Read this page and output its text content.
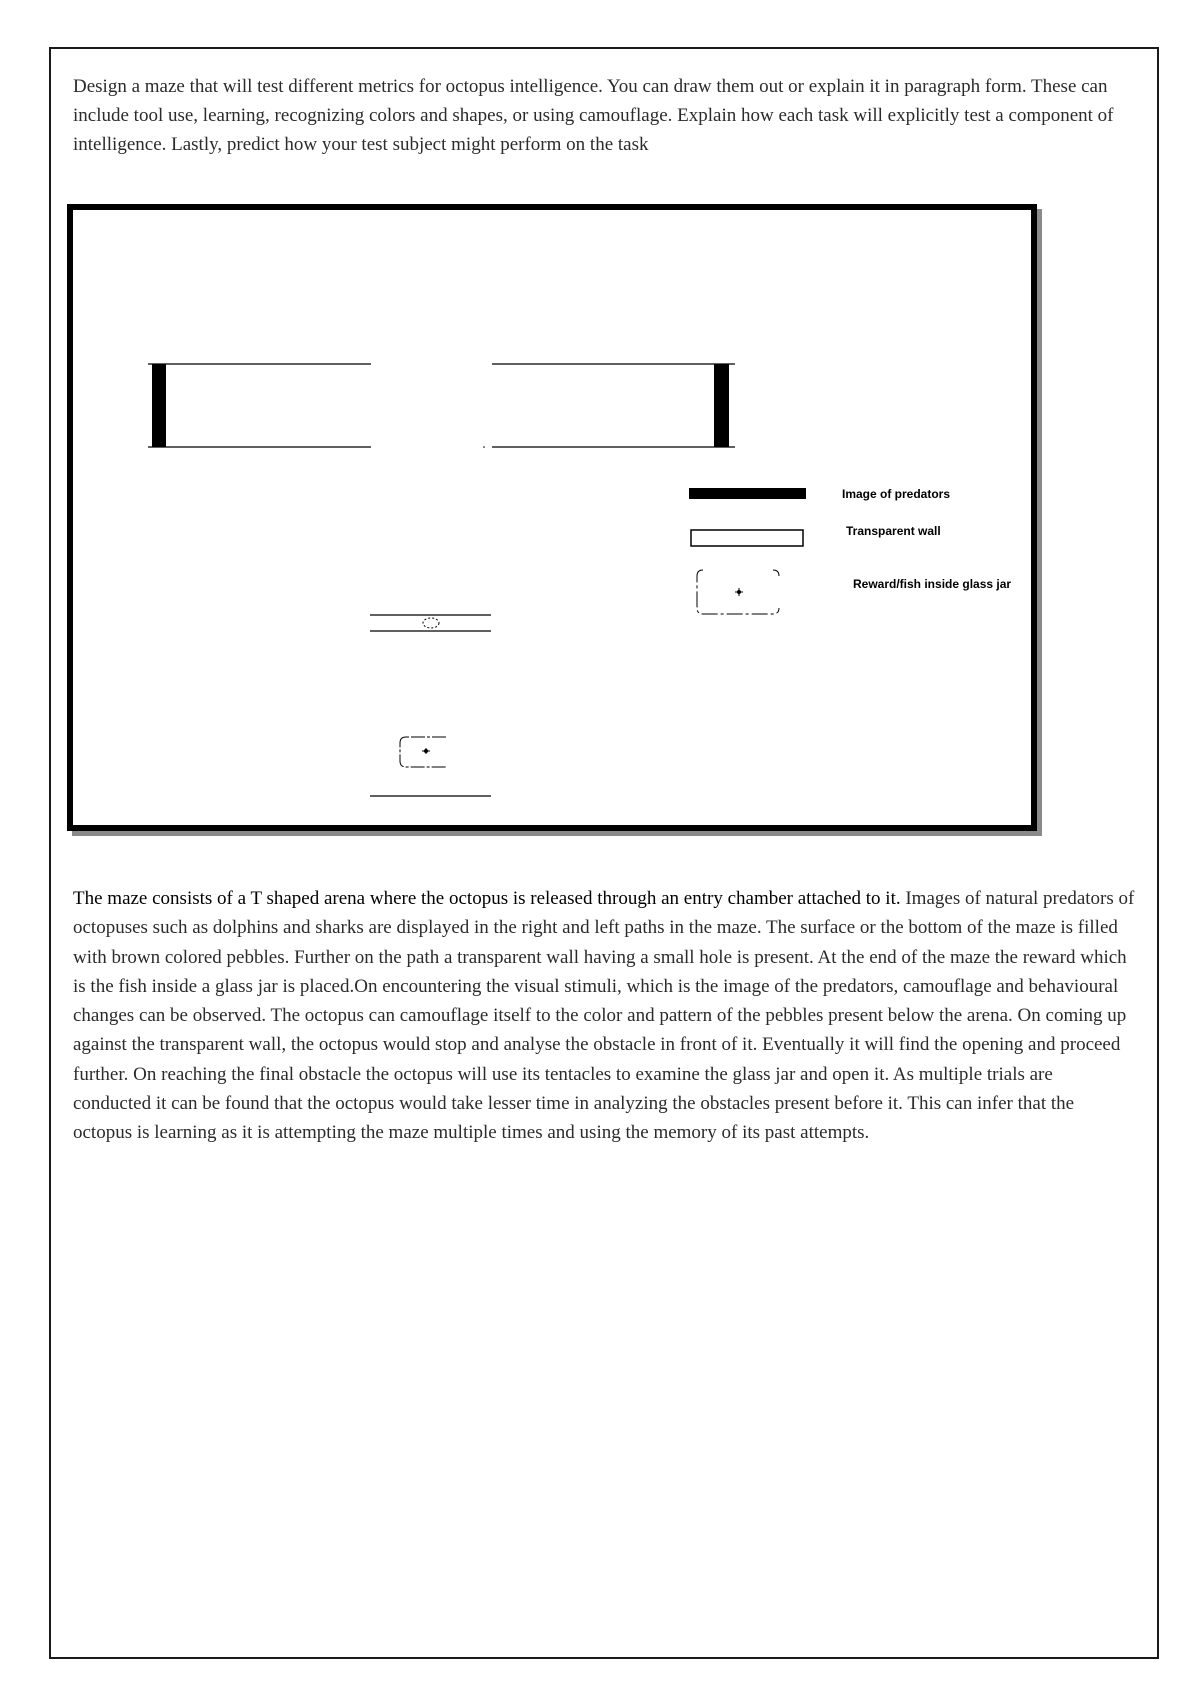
Design a maze that will test different metrics for octopus intelligence. You can draw them out or explain it in paragraph form. These can include tool use, learning, recognizing colors and shapes, or using camouflage. Explain how each task will explicitly test a component of intelligence. Lastly, predict how your test subject might perform on the task

Image of predators
Transparent wall
Reward/fish inside glass jar

The maze consists of a T shaped arena where the octopus is released through an entry chamber attached to it. Images of natural predators of octopuses such as dolphins and sharks are displayed in the right and left paths in the maze. The surface or the bottom of the maze is filled with brown colored pebbles. Further on the path a transparent wall having a small hole is present. At the end of the maze the reward which is the fish inside a glass jar is placed.On encountering the visual stimuli, which is the image of the predators, camouflage and behavioural changes can be observed. The octopus can camouflage itself to the color and pattern of the pebbles present below the arena. On coming up against the transparent wall, the octopus would stop and analyse the obstacle in front of it. Eventually it will find the opening and proceed further. On reaching the final obstacle the octopus will use its tentacles to examine the glass jar and open it. As multiple trials are conducted it can be found that the octopus would take lesser time in analyzing the obstacles present before it. This can infer that the octopus is learning as it is attempting the maze multiple times and using the memory of its past attempts.
